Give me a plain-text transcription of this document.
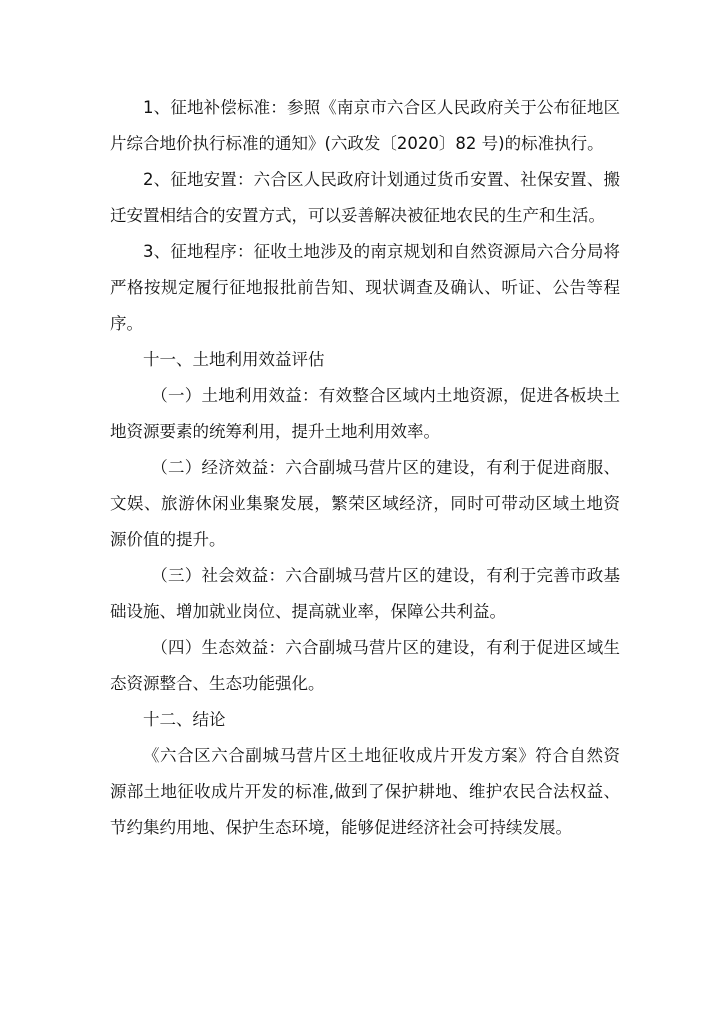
1、征地补偿标准：参照《南京市六合区人民政府关于公布征地区片综合地价执行标准的通知》(六政发〔2020〕82 号)的标准执行。

2、征地安置：六合区人民政府计划通过货币安置、社保安置、搬迁安置相结合的安置方式，可以妥善解决被征地农民的生产和生活。

3、征地程序：征收土地涉及的南京规划和自然资源局六合分局将严格按规定履行征地报批前告知、现状调查及确认、听证、公告等程序。

十一、土地利用效益评估

（一）土地利用效益：有效整合区域内土地资源，促进各板块土地资源要素的统筹利用，提升土地利用效率。

（二）经济效益：六合副城马营片区的建设，有利于促进商服、文娱、旅游休闲业集聚发展，繁荣区域经济，同时可带动区域土地资源价值的提升。

（三）社会效益：六合副城马营片区的建设，有利于完善市政基础设施、增加就业岗位、提高就业率，保障公共利益。

（四）生态效益：六合副城马营片区的建设，有利于促进区域生态资源整合、生态功能强化。

十二、结论

《六合区六合副城马营片区土地征收成片开发方案》符合自然资源部土地征收成片开发的标准,做到了保护耕地、维护农民合法权益、节约集约用地、保护生态环境，能够促进经济社会可持续发展。
